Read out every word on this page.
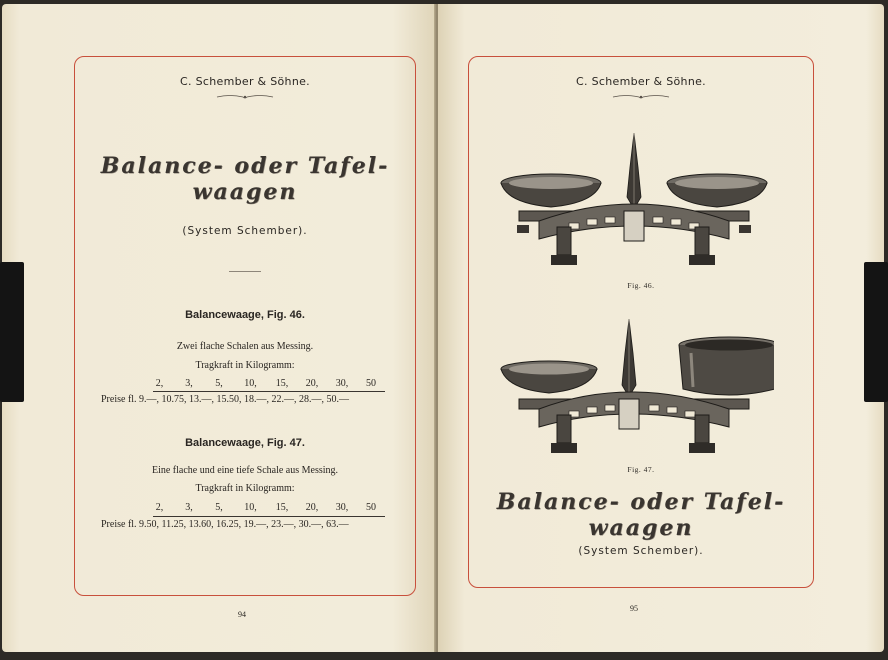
C. Schember & Söhne.
Balance- oder Tafel-
waagen
(System Schember).
Balancewaage, Fig. 46.
Zwei flache Schalen aus Messing.
Tragkraft in Kilogramm:
2,	3,	5,	10,	15,	20,	30,	50
Preise fl. 9.—, 10.75, 13.—, 15.50, 18.—, 22.—, 28.—, 50.—
Balancewaage, Fig. 47.
Eine flache und eine tiefe Schale aus Messing.
Tragkraft in Kilogramm:
2,	3,	5,	10,	15,	20,	30,	50
Preise fl. 9.50, 11.25, 13.60, 16.25, 19.—, 23.—, 30.—, 63.—
94
C. Schember & Söhne.
Fig. 46.
Fig. 47.
Balance- oder Tafel-
waagen
(System Schember).
95
